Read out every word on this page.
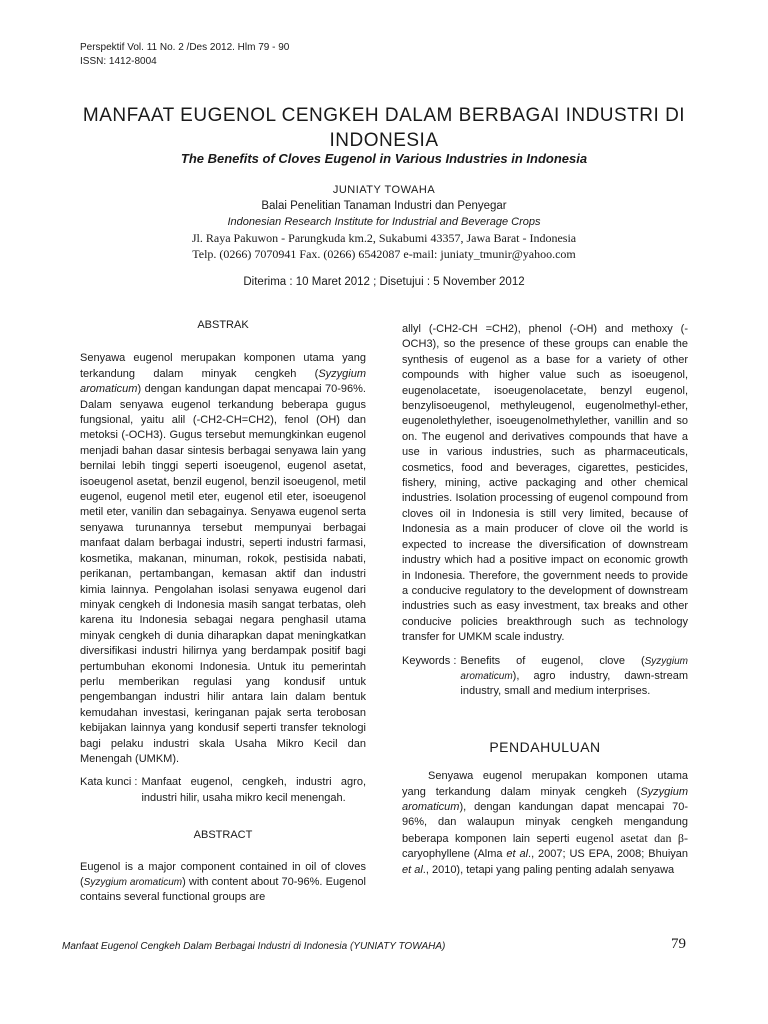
Perspektif Vol. 11 No. 2 /Des 2012. Hlm 79 - 90
ISSN: 1412-8004
MANFAAT EUGENOL CENGKEH DALAM BERBAGAI INDUSTRI DI INDONESIA
The Benefits of Cloves Eugenol in Various Industries in Indonesia
JUNIATY TOWAHA
Balai Penelitian Tanaman Industri dan Penyegar
Indonesian Research Institute for Industrial and Beverage Crops
Jl. Raya Pakuwon - Parungkuda km.2, Sukabumi 43357, Jawa Barat - Indonesia
Telp. (0266) 7070941 Fax. (0266) 6542087 e-mail: juniaty_tmunir@yahoo.com
Diterima : 10 Maret 2012 ; Disetujui : 5 November 2012
ABSTRAK

Senyawa eugenol merupakan komponen utama yang terkandung dalam minyak cengkeh (Syzygium aromaticum) dengan kandungan dapat mencapai 70-96%. Dalam senyawa eugenol terkandung beberapa gugus fungsional, yaitu alil (-CH2-CH=CH2), fenol (OH) dan metoksi (-OCH3). Gugus tersebut memungkinkan eugenol menjadi bahan dasar sintesis berbagai senyawa lain yang bernilai lebih tinggi seperti isoeugenol, eugenol asetat, isoeugenol asetat, benzil eugenol, benzil isoeugenol, metil eugenol, eugenol metil eter, eugenol etil eter, isoeugenol metil eter, vanilin dan sebagainya. Senyawa eugenol serta senyawa turunannya tersebut mempunyai berbagai manfaat dalam berbagai industri, seperti industri farmasi, kosmetika, makanan, minuman, rokok, pestisida nabati, perikanan, pertambangan, kemasan aktif dan industri kimia lainnya. Pengolahan isolasi senyawa eugenol dari minyak cengkeh di Indonesia masih sangat terbatas, oleh karena itu Indonesia sebagai negara penghasil utama minyak cengkeh di dunia diharapkan dapat meningkatkan diversifikasi industri hilirnya yang berdampak positif bagi pertumbuhan ekonomi Indonesia. Untuk itu pemerintah perlu memberikan regulasi yang kondusif untuk pengembangan industri hilir antara lain dalam bentuk kemudahan investasi, keringanan pajak serta terobosan kebijakan lainnya yang kondusif seperti transfer teknologi bagi pelaku industri skala Usaha Mikro Kecil dan Menengah (UMKM).

Kata kunci : Manfaat eugenol, cengkeh, industri agro, industri hilir, usaha mikro kecil menengah.
ABSTRACT

Eugenol is a major component contained in oil of cloves (Syzygium aromaticum) with content about 70-96%. Eugenol contains several functional groups are

allyl (-CH2-CH =CH2), phenol (-OH) and methoxy (-OCH3), so the presence of these groups can enable the synthesis of eugenol as a base for a variety of other compounds with higher value such as isoeugenol, eugenolacetate, isoeugenolacetate, benzyl eugenol, benzylisoeugenol, methyleugenol, eugenolmethyl-ether, eugenolethylether, isoeugenolmethylether, vanillin and so on. The eugenol and derivatives compounds that have a use in various industries, such as pharmaceuticals, cosmetics, food and beverages, cigarettes, pesticides, fishery, mining, active packaging and other chemical industries. Isolation processing of eugenol compound from cloves oil in Indonesia is still very limited, because of Indonesia as a main producer of clove oil the world is expected to increase the diversification of downstream industry which had a positive impact on economic growth in Indonesia. Therefore, the government needs to provide a conducive regulatory to the development of downstream industries such as easy investment, tax breaks and other conducive policies breakthrough such as technology transfer for UMKM scale industry.

Keywords : Benefits of eugenol, clove (Syzygium aromaticum), agro industry, dawn-stream industry, small and medium interprises.
PENDAHULUAN

Senyawa eugenol merupakan komponen utama yang terkandung dalam minyak cengkeh (Syzygium aromaticum), dengan kandungan dapat mencapai 70-96%, dan walaupun minyak cengkeh mengandung beberapa komponen lain seperti eugenol asetat dan β-caryophyllene (Alma et al., 2007; US EPA, 2008; Bhuiyan et al., 2010), tetapi yang paling penting adalah senyawa

Manfaat Eugenol Cengkeh Dalam Berbagai Industri di Indonesia (YUNIATY TOWAHA)	79
